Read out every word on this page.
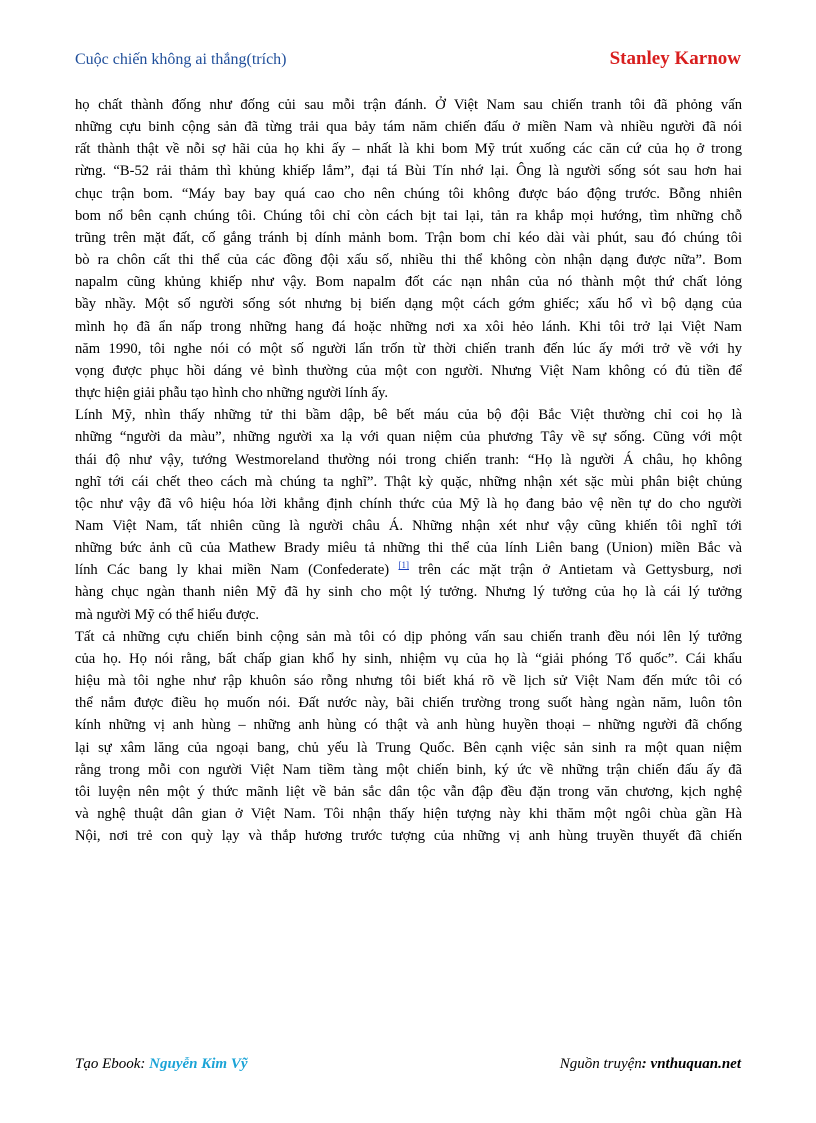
Cuộc chiến không ai thắng(trích)	Stanley Karnow

họ chất thành đống như đống củi sau mỗi trận đánh. Ở Việt Nam sau chiến tranh tôi đã phỏng vấn
những cựu binh cộng sản đã từng trải qua bảy tám năm chiến đấu ở miền Nam và nhiều người đã nói
rất thành thật về nỗi sợ hãi của họ khi ấy – nhất là khi bom Mỹ trút xuống các căn cứ của họ ở trong
rừng. “B-52 rải thảm thì khủng khiếp lắm”, đại tá Bùi Tín nhớ lại. Ông là người sống sót sau hơn hai
chục trận bom. “Máy bay bay quá cao cho nên chúng tôi không được báo động trước. Bỗng nhiên
bom nổ bên cạnh chúng tôi. Chúng tôi chỉ còn cách bịt tai lại, tản ra khắp mọi hướng, tìm những chỗ
trũng trên mặt đất, cố gắng tránh bị dính mảnh bom. Trận bom chỉ kéo dài vài phút, sau đó chúng tôi
bò ra chôn cất thi thể của các đồng đội xấu số, nhiều thi thể không còn nhận dạng được nữa”. Bom
napalm cũng khủng khiếp như vậy. Bom napalm đốt các nạn nhân của nó thành một thứ chất lỏng
bầy nhầy. Một số người sống sót nhưng bị biến dạng một cách gớm ghiếc; xấu hổ vì bộ dạng của
mình họ đã ẩn nấp trong những hang đá hoặc những nơi xa xôi hẻo lánh. Khi tôi trở lại Việt Nam
năm 1990, tôi nghe nói có một số người lẩn trốn từ thời chiến tranh đến lúc ấy mới trở về với hy
vọng được phục hồi dáng vẻ bình thường của một con người. Nhưng Việt Nam không có đủ tiền để
thực hiện giải phẫu tạo hình cho những người lính ấy.

Lính Mỹ, nhìn thấy những tử thi bầm dập, bê bết máu của bộ đội Bắc Việt thường chỉ coi họ là
những “người da màu”, những người xa lạ với quan niệm của phương Tây về sự sống. Cũng với một
thái độ như vậy, tướng Westmoreland thường nói trong chiến tranh: “Họ là người Á châu, họ không
nghĩ tới cái chết theo cách mà chúng ta nghĩ”. Thật kỳ quặc, những nhận xét sặc mùi phân biệt chủng
tộc như vậy đã vô hiệu hóa lời khẳng định chính thức của Mỹ là họ đang bảo vệ nền tự do cho người
Nam Việt Nam, tất nhiên cũng là người châu Á. Những nhận xét như vậy cũng khiến tôi nghĩ tới
những bức ảnh cũ của Mathew Brady miêu tả những thi thể của lính Liên bang (Union) miền Bắc và
lính Các bang ly khai miền Nam (Confederate) [1] trên các mặt trận ở Antietam và Gettysburg, nơi
hàng chục ngàn thanh niên Mỹ đã hy sinh cho một lý tưởng. Nhưng lý tưởng của họ là cái lý tưởng
mà người Mỹ có thể hiểu được.

Tất cả những cựu chiến binh cộng sản mà tôi có dịp phỏng vấn sau chiến tranh đều nói lên lý tưởng
của họ. Họ nói rằng, bất chấp gian khổ hy sinh, nhiệm vụ của họ là “giải phóng Tổ quốc”. Cái khẩu
hiệu mà tôi nghe như rập khuôn sáo rỗng nhưng tôi biết khá rõ về lịch sử Việt Nam đến mức tôi có
thể nắm được điều họ muốn nói. Đất nước này, bãi chiến trường trong suốt hàng ngàn năm, luôn tôn
kính những vị anh hùng – những anh hùng có thật và anh hùng huyền thoại – những người đã chống
lại sự xâm lăng của ngoại bang, chủ yếu là Trung Quốc. Bên cạnh việc sản sinh ra một quan niệm
rằng trong mỗi con người Việt Nam tiềm tàng một chiến binh, ký ức về những trận chiến đấu ấy đã
tôi luyện nên một ý thức mãnh liệt về bản sắc dân tộc vẫn đập đều đặn trong văn chương, kịch nghệ
và nghệ thuật dân gian ở Việt Nam. Tôi nhận thấy hiện tượng này khi thăm một ngôi chùa gần Hà
Nội, nơi trẻ con quỳ lạy và thắp hương trước tượng của những vị anh hùng truyền thuyết đã chiến

Tạo Ebook: Nguyễn Kim Vỹ	Nguồn truyện: vnthuquan.net
